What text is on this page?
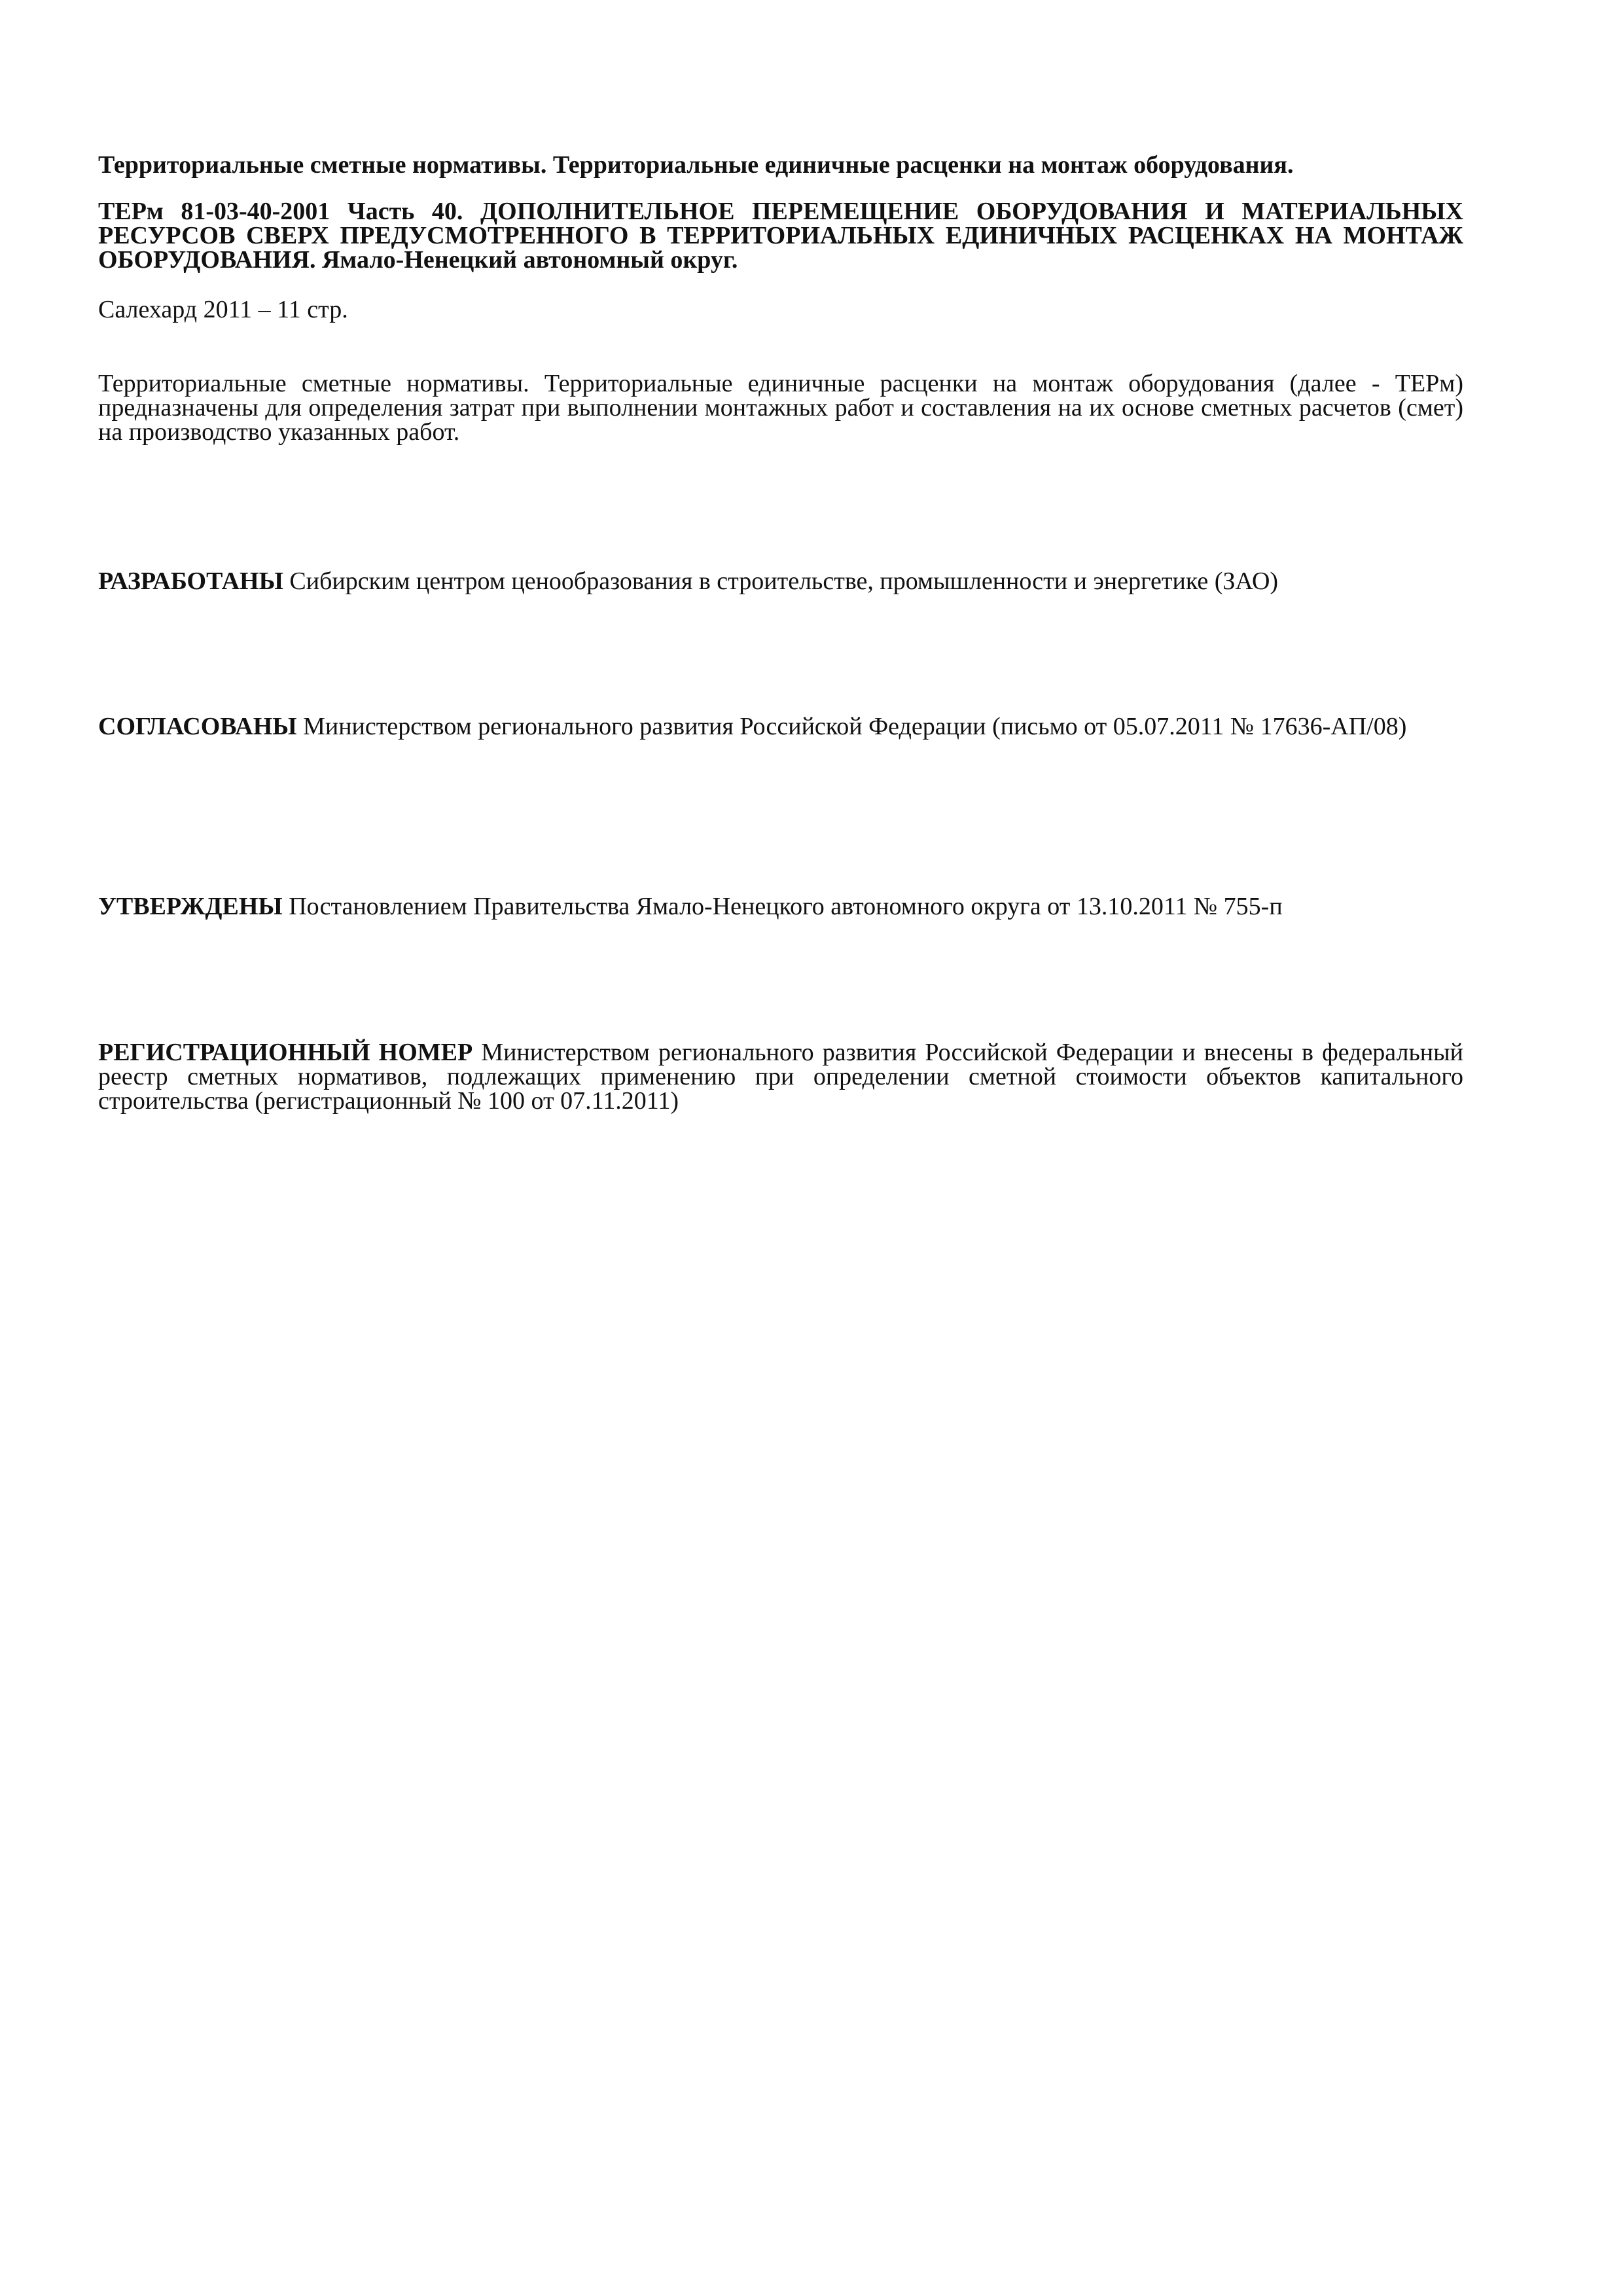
Территориальные сметные нормативы. Территориальные единичные расценки на монтаж оборудования.

ТЕРм 81-03-40-2001 Часть 40. ДОПОЛНИТЕЛЬНОЕ ПЕРЕМЕЩЕНИЕ ОБОРУДОВАНИЯ И МАТЕРИАЛЬНЫХ РЕСУРСОВ СВЕРХ ПРЕДУСМОТРЕННОГО В ТЕРРИТОРИАЛЬНЫХ ЕДИНИЧНЫХ РАСЦЕНКАХ НА МОНТАЖ ОБОРУДОВАНИЯ. Ямало-Ненецкий автономный округ.

Салехард 2011 – 11 стр.

Территориальные сметные нормативы. Территориальные единичные расценки на монтаж оборудования (далее - ТЕРм) предназначены для определения затрат при выполнении монтажных работ и составления на их основе сметных расчетов (смет) на производство указанных работ.

РАЗРАБОТАНЫ Сибирским центром ценообразования в строительстве, промышленности и энергетике (ЗАО)

СОГЛАСОВАНЫ Министерством регионального развития Российской Федерации (письмо от 05.07.2011 № 17636-АП/08)

УТВЕРЖДЕНЫ Постановлением Правительства Ямало-Ненецкого автономного округа от 13.10.2011 № 755-п

РЕГИСТРАЦИОННЫЙ НОМЕР Министерством регионального развития Российской Федерации и внесены в федеральный реестр сметных нормативов, подлежащих применению при определении сметной стоимости объектов капитального строительства (регистрационный № 100 от 07.11.2011)
